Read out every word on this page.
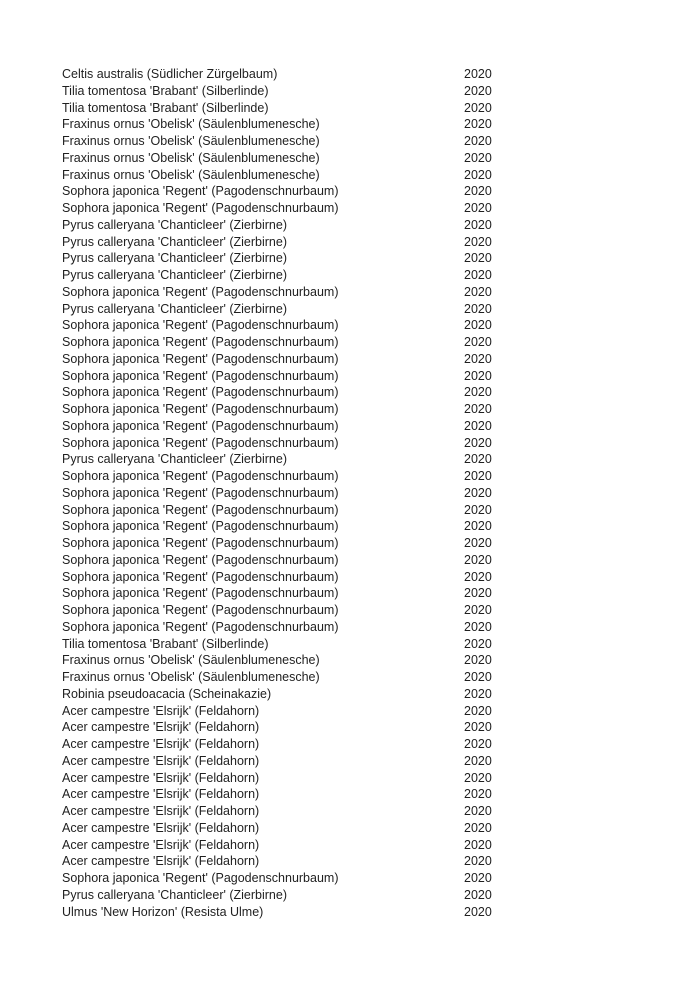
Celtis australis (Südlicher Zürgelbaum)	2020
Tilia tomentosa 'Brabant' (Silberlinde)	2020
Tilia tomentosa 'Brabant' (Silberlinde)	2020
Fraxinus ornus 'Obelisk' (Säulenblumenesche)	2020
Fraxinus ornus 'Obelisk' (Säulenblumenesche)	2020
Fraxinus ornus 'Obelisk' (Säulenblumenesche)	2020
Fraxinus ornus 'Obelisk' (Säulenblumenesche)	2020
Sophora japonica 'Regent' (Pagodenschnurbaum)	2020
Sophora japonica 'Regent' (Pagodenschnurbaum)	2020
Pyrus calleryana 'Chanticleer' (Zierbirne)	2020
Pyrus calleryana 'Chanticleer' (Zierbirne)	2020
Pyrus calleryana 'Chanticleer' (Zierbirne)	2020
Pyrus calleryana 'Chanticleer' (Zierbirne)	2020
Sophora japonica 'Regent' (Pagodenschnurbaum)	2020
Pyrus calleryana 'Chanticleer' (Zierbirne)	2020
Sophora japonica 'Regent' (Pagodenschnurbaum)	2020
Sophora japonica 'Regent' (Pagodenschnurbaum)	2020
Sophora japonica 'Regent' (Pagodenschnurbaum)	2020
Sophora japonica 'Regent' (Pagodenschnurbaum)	2020
Sophora japonica 'Regent' (Pagodenschnurbaum)	2020
Sophora japonica 'Regent' (Pagodenschnurbaum)	2020
Sophora japonica 'Regent' (Pagodenschnurbaum)	2020
Sophora japonica 'Regent' (Pagodenschnurbaum)	2020
Pyrus calleryana 'Chanticleer' (Zierbirne)	2020
Sophora japonica 'Regent' (Pagodenschnurbaum)	2020
Sophora japonica 'Regent' (Pagodenschnurbaum)	2020
Sophora japonica 'Regent' (Pagodenschnurbaum)	2020
Sophora japonica 'Regent' (Pagodenschnurbaum)	2020
Sophora japonica 'Regent' (Pagodenschnurbaum)	2020
Sophora japonica 'Regent' (Pagodenschnurbaum)	2020
Sophora japonica 'Regent' (Pagodenschnurbaum)	2020
Sophora japonica 'Regent' (Pagodenschnurbaum)	2020
Sophora japonica 'Regent' (Pagodenschnurbaum)	2020
Sophora japonica 'Regent' (Pagodenschnurbaum)	2020
Tilia tomentosa 'Brabant' (Silberlinde)	2020
Fraxinus ornus 'Obelisk' (Säulenblumenesche)	2020
Fraxinus ornus 'Obelisk' (Säulenblumenesche)	2020
Robinia pseudoacacia (Scheinakazie)	2020
Acer campestre 'Elsrijk' (Feldahorn)	2020
Acer campestre 'Elsrijk' (Feldahorn)	2020
Acer campestre 'Elsrijk' (Feldahorn)	2020
Acer campestre 'Elsrijk' (Feldahorn)	2020
Acer campestre 'Elsrijk' (Feldahorn)	2020
Acer campestre 'Elsrijk' (Feldahorn)	2020
Acer campestre 'Elsrijk' (Feldahorn)	2020
Acer campestre 'Elsrijk' (Feldahorn)	2020
Acer campestre 'Elsrijk' (Feldahorn)	2020
Acer campestre 'Elsrijk' (Feldahorn)	2020
Sophora japonica 'Regent' (Pagodenschnurbaum)	2020
Pyrus calleryana 'Chanticleer' (Zierbirne)	2020
Ulmus 'New Horizon' (Resista Ulme)	2020
